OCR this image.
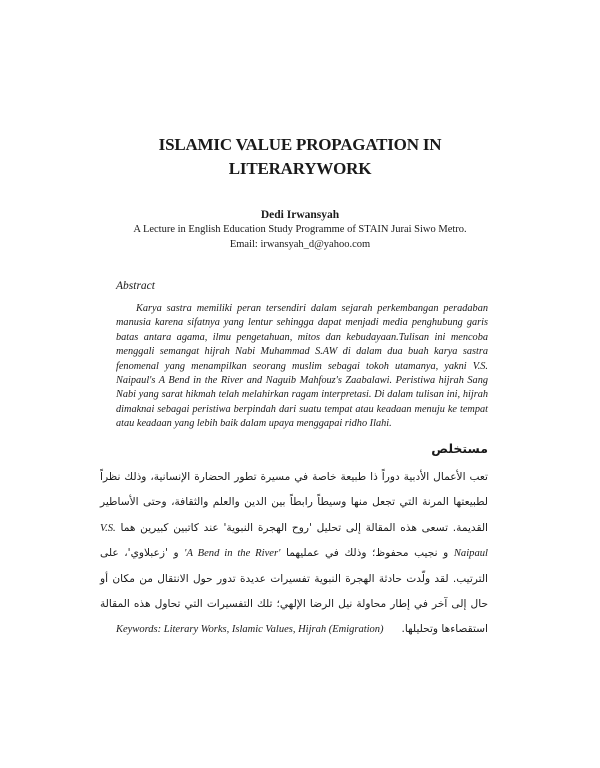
ISLAMIC VALUE PROPAGATION IN
LITERARYWORK
Dedi Irwansyah
A Lecture in English Education Study Programme of STAIN Jurai Siwo Metro.
Email: irwansyah_d@yahoo.com
Abstract

Karya sastra memiliki peran tersendiri dalam sejarah perkembangan peradaban manusia karena sifatnya yang lentur sehingga dapat menjadi media penghubung garis batas antara agama, ilmu pengetahuan, mitos dan kebudayaan.Tulisan ini mencoba menggali semangat hijrah Nabi Muhammad S.AW di dalam dua buah karya sastra fenomenal yang menampilkan seorang muslim sebagai tokoh utamanya, yakni V.S. Naipaul's A Bend in the River and Naguib Mahfouz's Zaabalawi. Peristiwa hijrah Sang Nabi yang sarat hikmah telah melahirkan ragam interpretasi. Di dalam tulisan ini, hijrah dimaknai sebagai peristiwa berpindah dari suatu tempat atau keadaan menuju ke tempat atau keadaan yang lebih baik dalam upaya menggapai ridho Ilahi.

مستخلص

تعب الأعمال الأدبية دوراً ذا طبيعة خاصة في مسيرة تطور الحضارة الإنسانية، وذلك نظراً لطبيعتها المرنة التي تجعل منها وسيطاً رابطاً بين الدين والعلم والثقافة، وحتى الأساطير القديمة. تسعى هذه المقالة إلى تحليل 'روح الهجرة النبوية' عند كاتبين كبيرين هما V.S. Naipaul و نجيب محفوظ؛ وذلك في عمليهما 'A Bend in the River' و 'زعبلاوي'، على الترتيب. لقد ولّدت حادثة الهجرة النبوية تفسيرات عديدة تدور حول الانتقال من مكان أو حال إلى آخر في إطار محاولة نيل الرضا الإلهي؛ تلك التفسيرات التي تحاول هذه المقالة استقصاءها وتحليلها.

Keywords: Literary Works, Islamic Values, Hijrah (Emigration)
